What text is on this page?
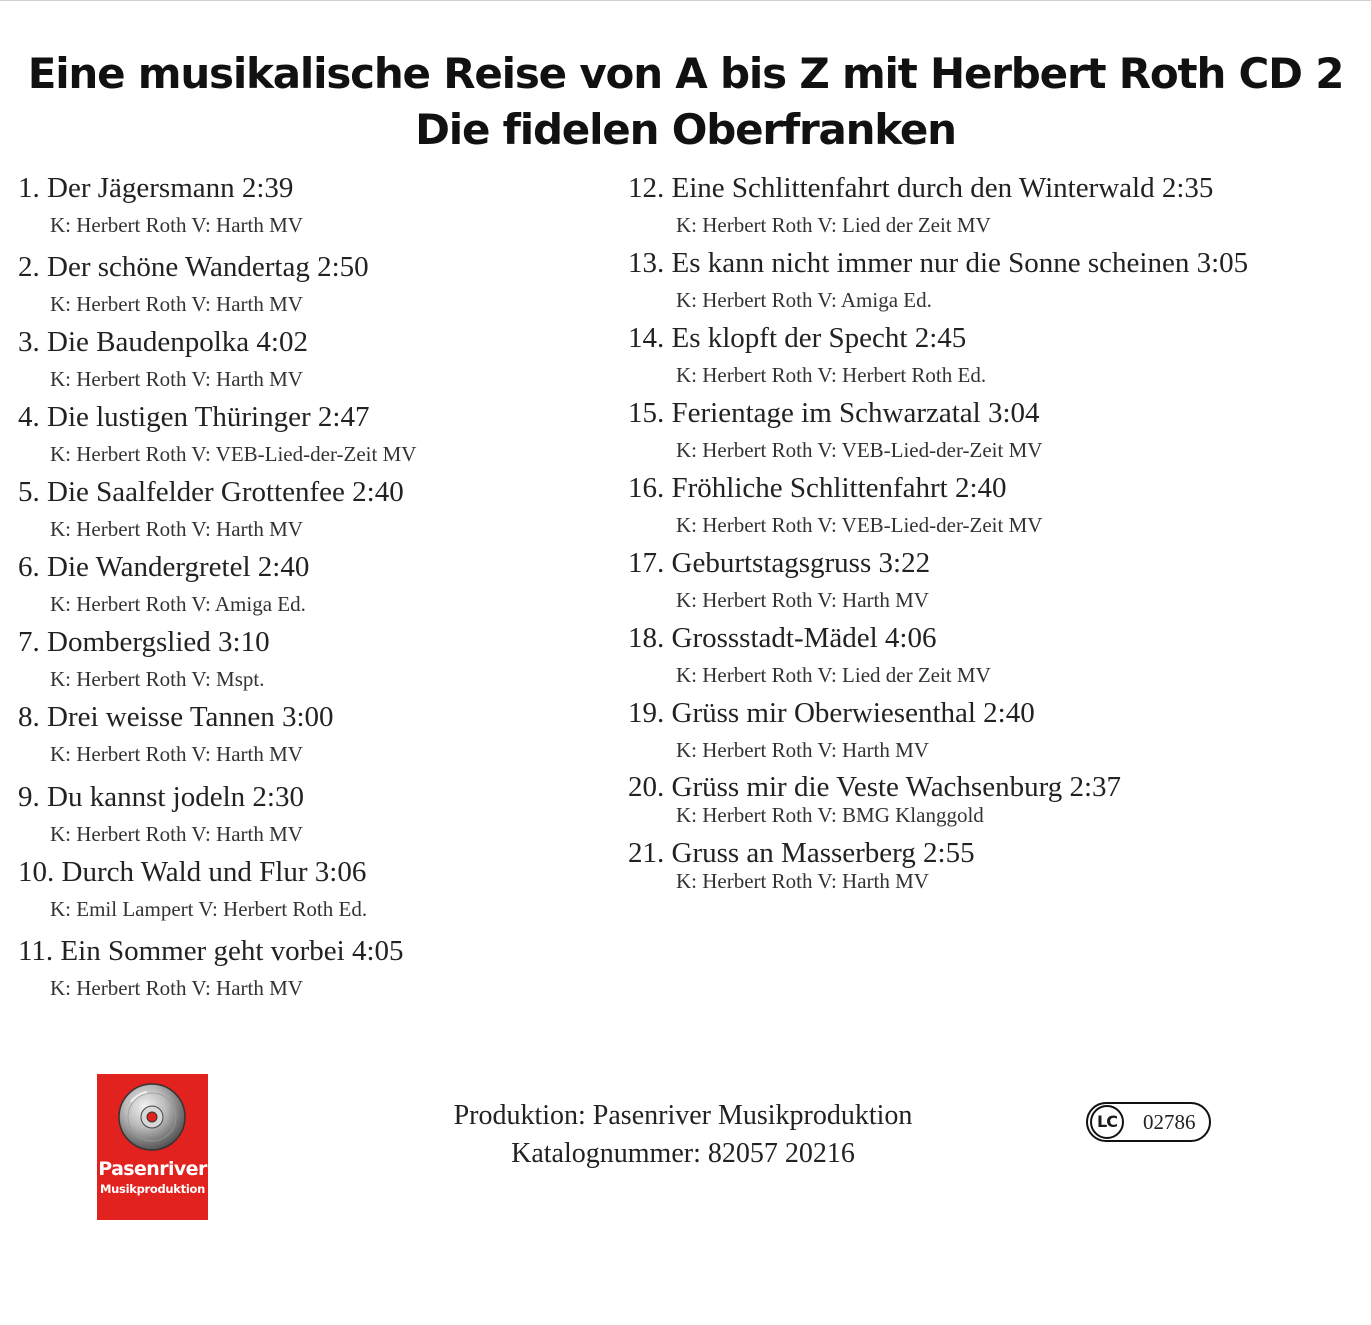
Eine musikalische Reise von A bis Z mit Herbert Roth CD 2
Die fidelen Oberfranken
1. Der Jägersmann 2:39
K: Herbert Roth V: Harth MV
2. Der schöne Wandertag 2:50
K: Herbert Roth V: Harth MV
3. Die Baudenpolka 4:02
K: Herbert Roth V: Harth MV
4. Die lustigen Thüringer 2:47
K: Herbert Roth V: VEB-Lied-der-Zeit MV
5. Die Saalfelder Grottenfee 2:40
K: Herbert Roth V: Harth MV
6. Die Wandergretel 2:40
K: Herbert Roth V: Amiga Ed.
7. Dombergslied 3:10
K: Herbert Roth V: Mspt.
8. Drei weisse Tannen 3:00
K: Herbert Roth V: Harth MV
9. Du kannst jodeln 2:30
K: Herbert Roth V: Harth MV
10. Durch Wald und Flur 3:06
K: Emil Lampert V: Herbert Roth Ed.
11. Ein Sommer geht vorbei 4:05
K: Herbert Roth V: Harth MV
12. Eine Schlittenfahrt durch den Winterwald 2:35
K: Herbert Roth V: Lied der Zeit MV
13. Es kann nicht immer nur die Sonne scheinen 3:05
K: Herbert Roth V: Amiga Ed.
14. Es klopft der Specht 2:45
K: Herbert Roth V: Herbert Roth Ed.
15. Ferientage im Schwarzatal 3:04
K: Herbert Roth V: VEB-Lied-der-Zeit MV
16. Fröhliche Schlittenfahrt 2:40
K: Herbert Roth V: VEB-Lied-der-Zeit MV
17. Geburtstagsgruss 3:22
K: Herbert Roth V: Harth MV
18. Grossstadt-Mädel 4:06
K: Herbert Roth V: Lied der Zeit MV
19. Grüss mir Oberwiesenthal 2:40
K: Herbert Roth V: Harth MV
20. Grüss mir die Veste Wachsenburg 2:37
K: Herbert Roth V: BMG Klanggold
21. Gruss an Masserberg 2:55
K: Herbert Roth V: Harth MV
Pasenriver
Musikproduktion
Produktion: Pasenriver Musikproduktion
Katalognummer: 82057 20216
LC	02786
